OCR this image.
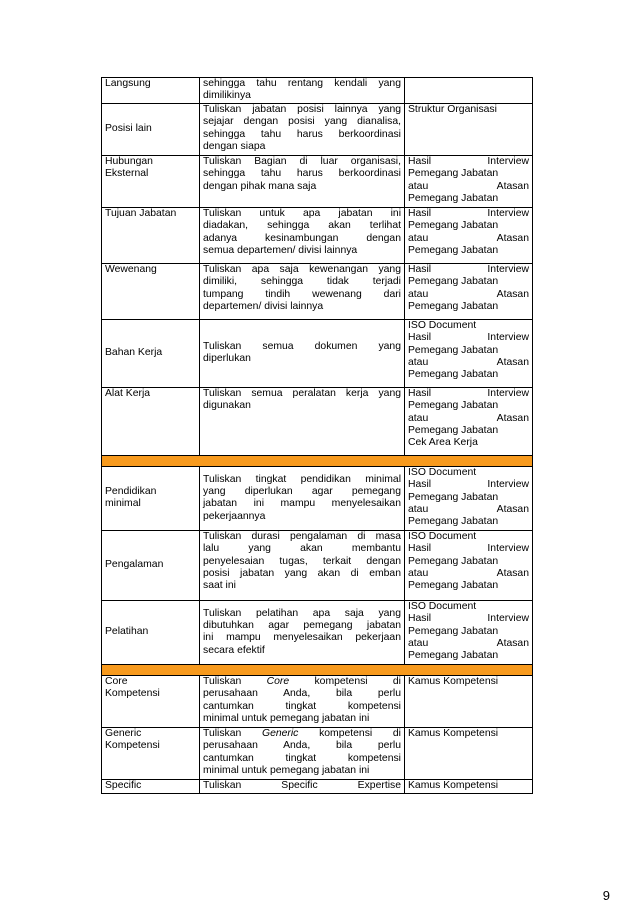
Langsung	sehingga tahu rentang kendali yang
dimilikinya	

Posisi lain	Tuliskan jabatan posisi lainnya yang
sejajar dengan posisi yang dianalisa,
sehingga tahu harus berkoordinasi
dengan siapa	Struktur Organisasi

Hubungan
Eksternal	Tuliskan Bagian di luar organisasi,
sehingga tahu harus berkoordinasi
dengan pihak mana saja	Hasil Interview
Pemegang Jabatan
atau Atasan
Pemegang Jabatan

Tujuan Jabatan	Tuliskan untuk apa jabatan ini
diadakan, sehingga akan terlihat
adanya kesinambungan dengan
semua departemen/ divisi lainnya	Hasil Interview
Pemegang Jabatan
atau Atasan
Pemegang Jabatan

Wewenang	Tuliskan apa saja kewenangan yang
dimiliki, sehingga tidak terjadi
tumpang tindih wewenang dari
departemen/ divisi lainnya	Hasil Interview
Pemegang Jabatan
atau Atasan
Pemegang Jabatan

Bahan Kerja	Tuliskan semua dokumen yang
diperlukan	ISO Document
Hasil Interview
Pemegang Jabatan
atau Atasan
Pemegang Jabatan

Alat Kerja	Tuliskan semua peralatan kerja yang
digunakan	Hasil Interview
Pemegang Jabatan
atau Atasan
Pemegang Jabatan
Cek Area Kerja

Pendidikan
minimal	Tuliskan tingkat pendidikan minimal
yang diperlukan agar pemegang
jabatan ini mampu menyelesaikan
pekerjaannya	ISO Document
Hasil Interview
Pemegang Jabatan
atau Atasan
Pemegang Jabatan

Pengalaman	Tuliskan durasi pengalaman di masa
lalu yang akan membantu
penyelesaian tugas, terkait dengan
posisi jabatan yang akan di emban
saat ini	ISO Document
Hasil Interview
Pemegang Jabatan
atau Atasan
Pemegang Jabatan

Pelatihan	Tuliskan pelatihan apa saja yang
dibutuhkan agar pemegang jabatan
ini mampu menyelesaikan pekerjaan
secara efektif	ISO Document
Hasil Interview
Pemegang Jabatan
atau Atasan
Pemegang Jabatan

Core
Kompetensi	Tuliskan Core kompetensi di
perusahaan Anda, bila perlu
cantumkan tingkat kompetensi
minimal untuk pemegang jabatan ini	Kamus Kompetensi

Generic
Kompetensi	Tuliskan Generic kompetensi di
perusahaan Anda, bila perlu
cantumkan tingkat kompetensi
minimal untuk pemegang jabatan ini	Kamus Kompetensi

Specific	Tuliskan Specific Expertise	Kamus Kompetensi
9
